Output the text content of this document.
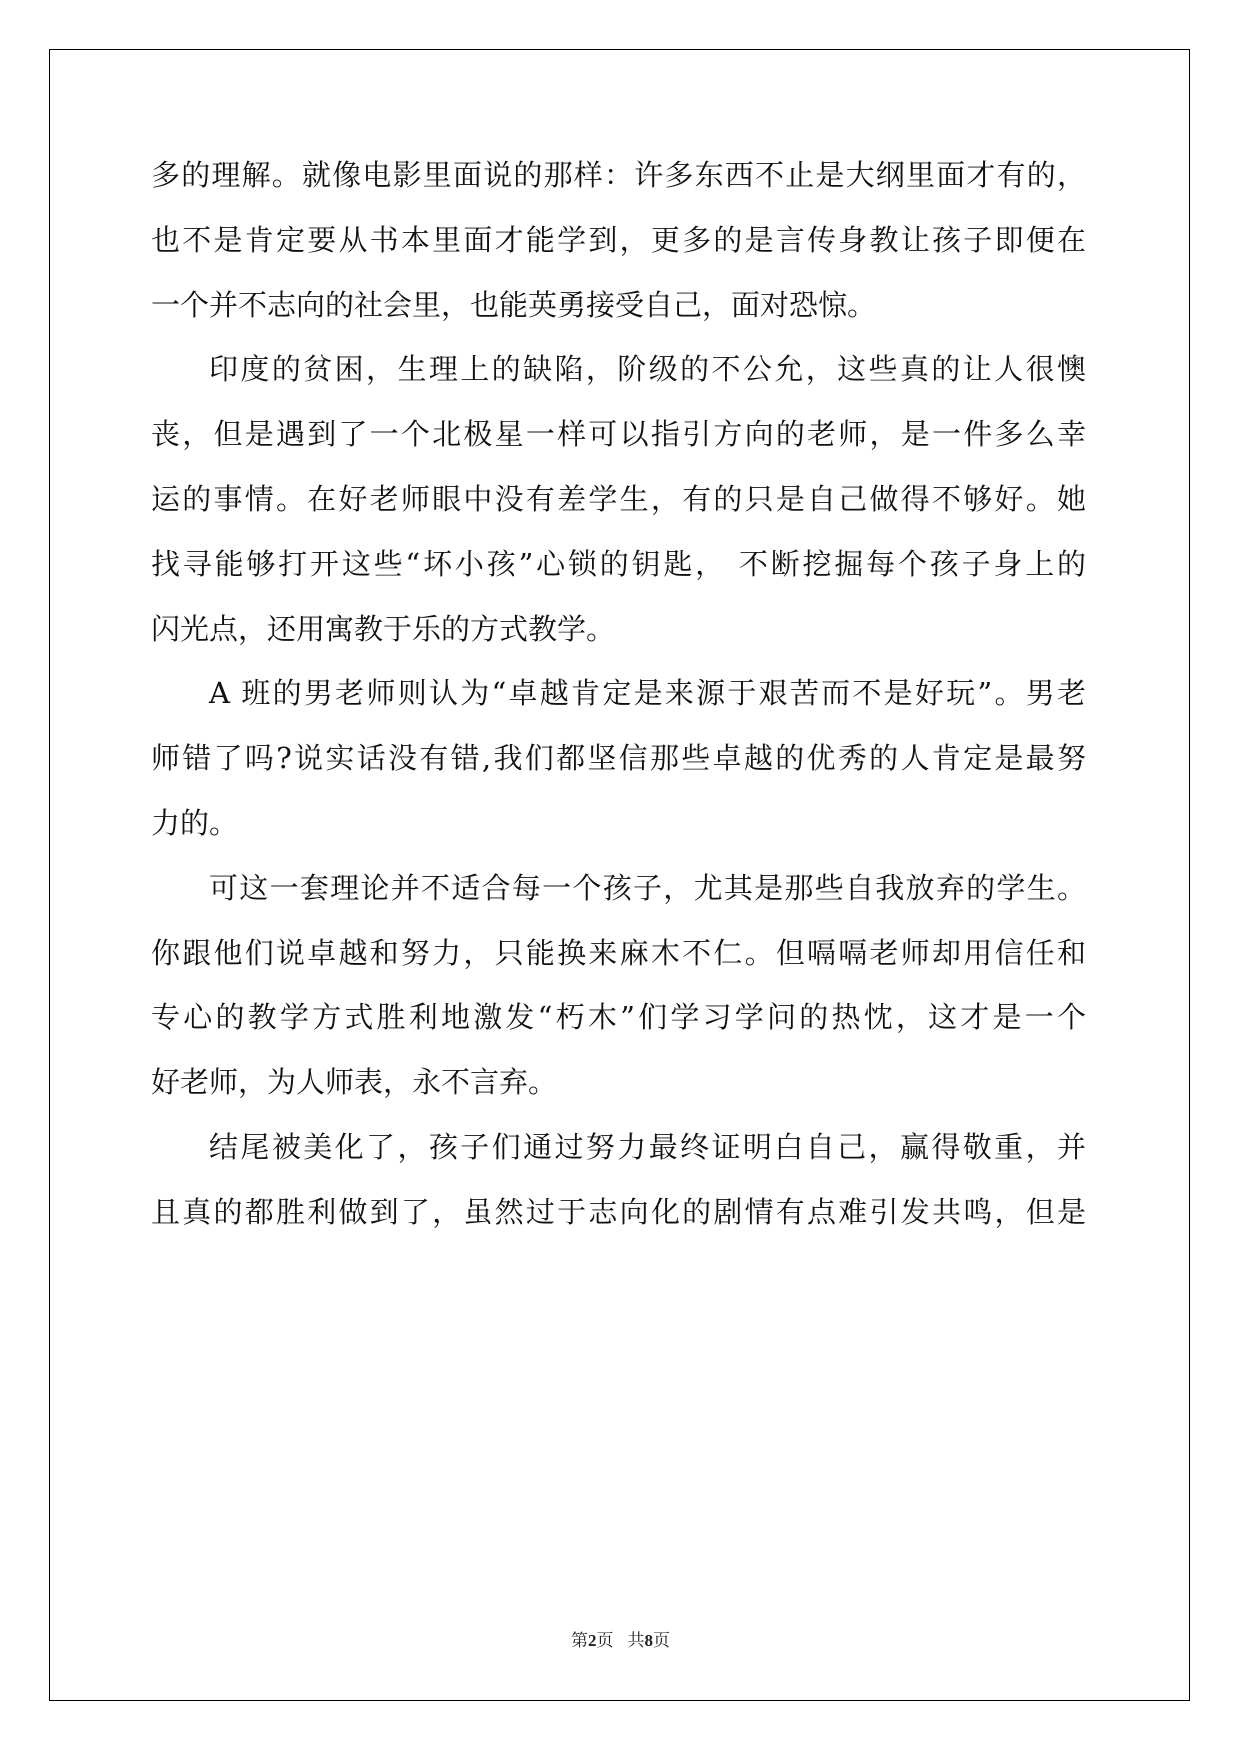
多的理解。就像电影里面说的那样：许多东西不止是大纲里面才有的，
也不是肯定要从书本里面才能学到，更多的是言传身教让孩子即便在
一个并不志向的社会里，也能英勇接受自己，面对恐惊。
印度的贫困，生理上的缺陷，阶级的不公允，这些真的让人很懊
丧，但是遇到了一个北极星一样可以指引方向的老师，是一件多么幸
运的事情。在好老师眼中没有差学生，有的只是自己做得不够好。她
找寻能够打开这些“坏小孩”心锁的钥匙， 不断挖掘每个孩子身上的
闪光点，还用寓教于乐的方式教学。
A 班的男老师则认为“卓越肯定是来源于艰苦而不是好玩”。男老
师错了吗?说实话没有错,我们都坚信那些卓越的优秀的人肯定是最努
力的。
可这一套理论并不适合每一个孩子，尤其是那些自我放弃的学生。
你跟他们说卓越和努力，只能换来麻木不仁。但嗝嗝老师却用信任和
专心的教学方式胜利地激发“朽木”们学习学问的热忱，这才是一个
好老师，为人师表，永不言弃。
结尾被美化了，孩子们通过努力最终证明白自己，赢得敬重，并
且真的都胜利做到了，虽然过于志向化的剧情有点难引发共鸣，但是
第2页 共8页
